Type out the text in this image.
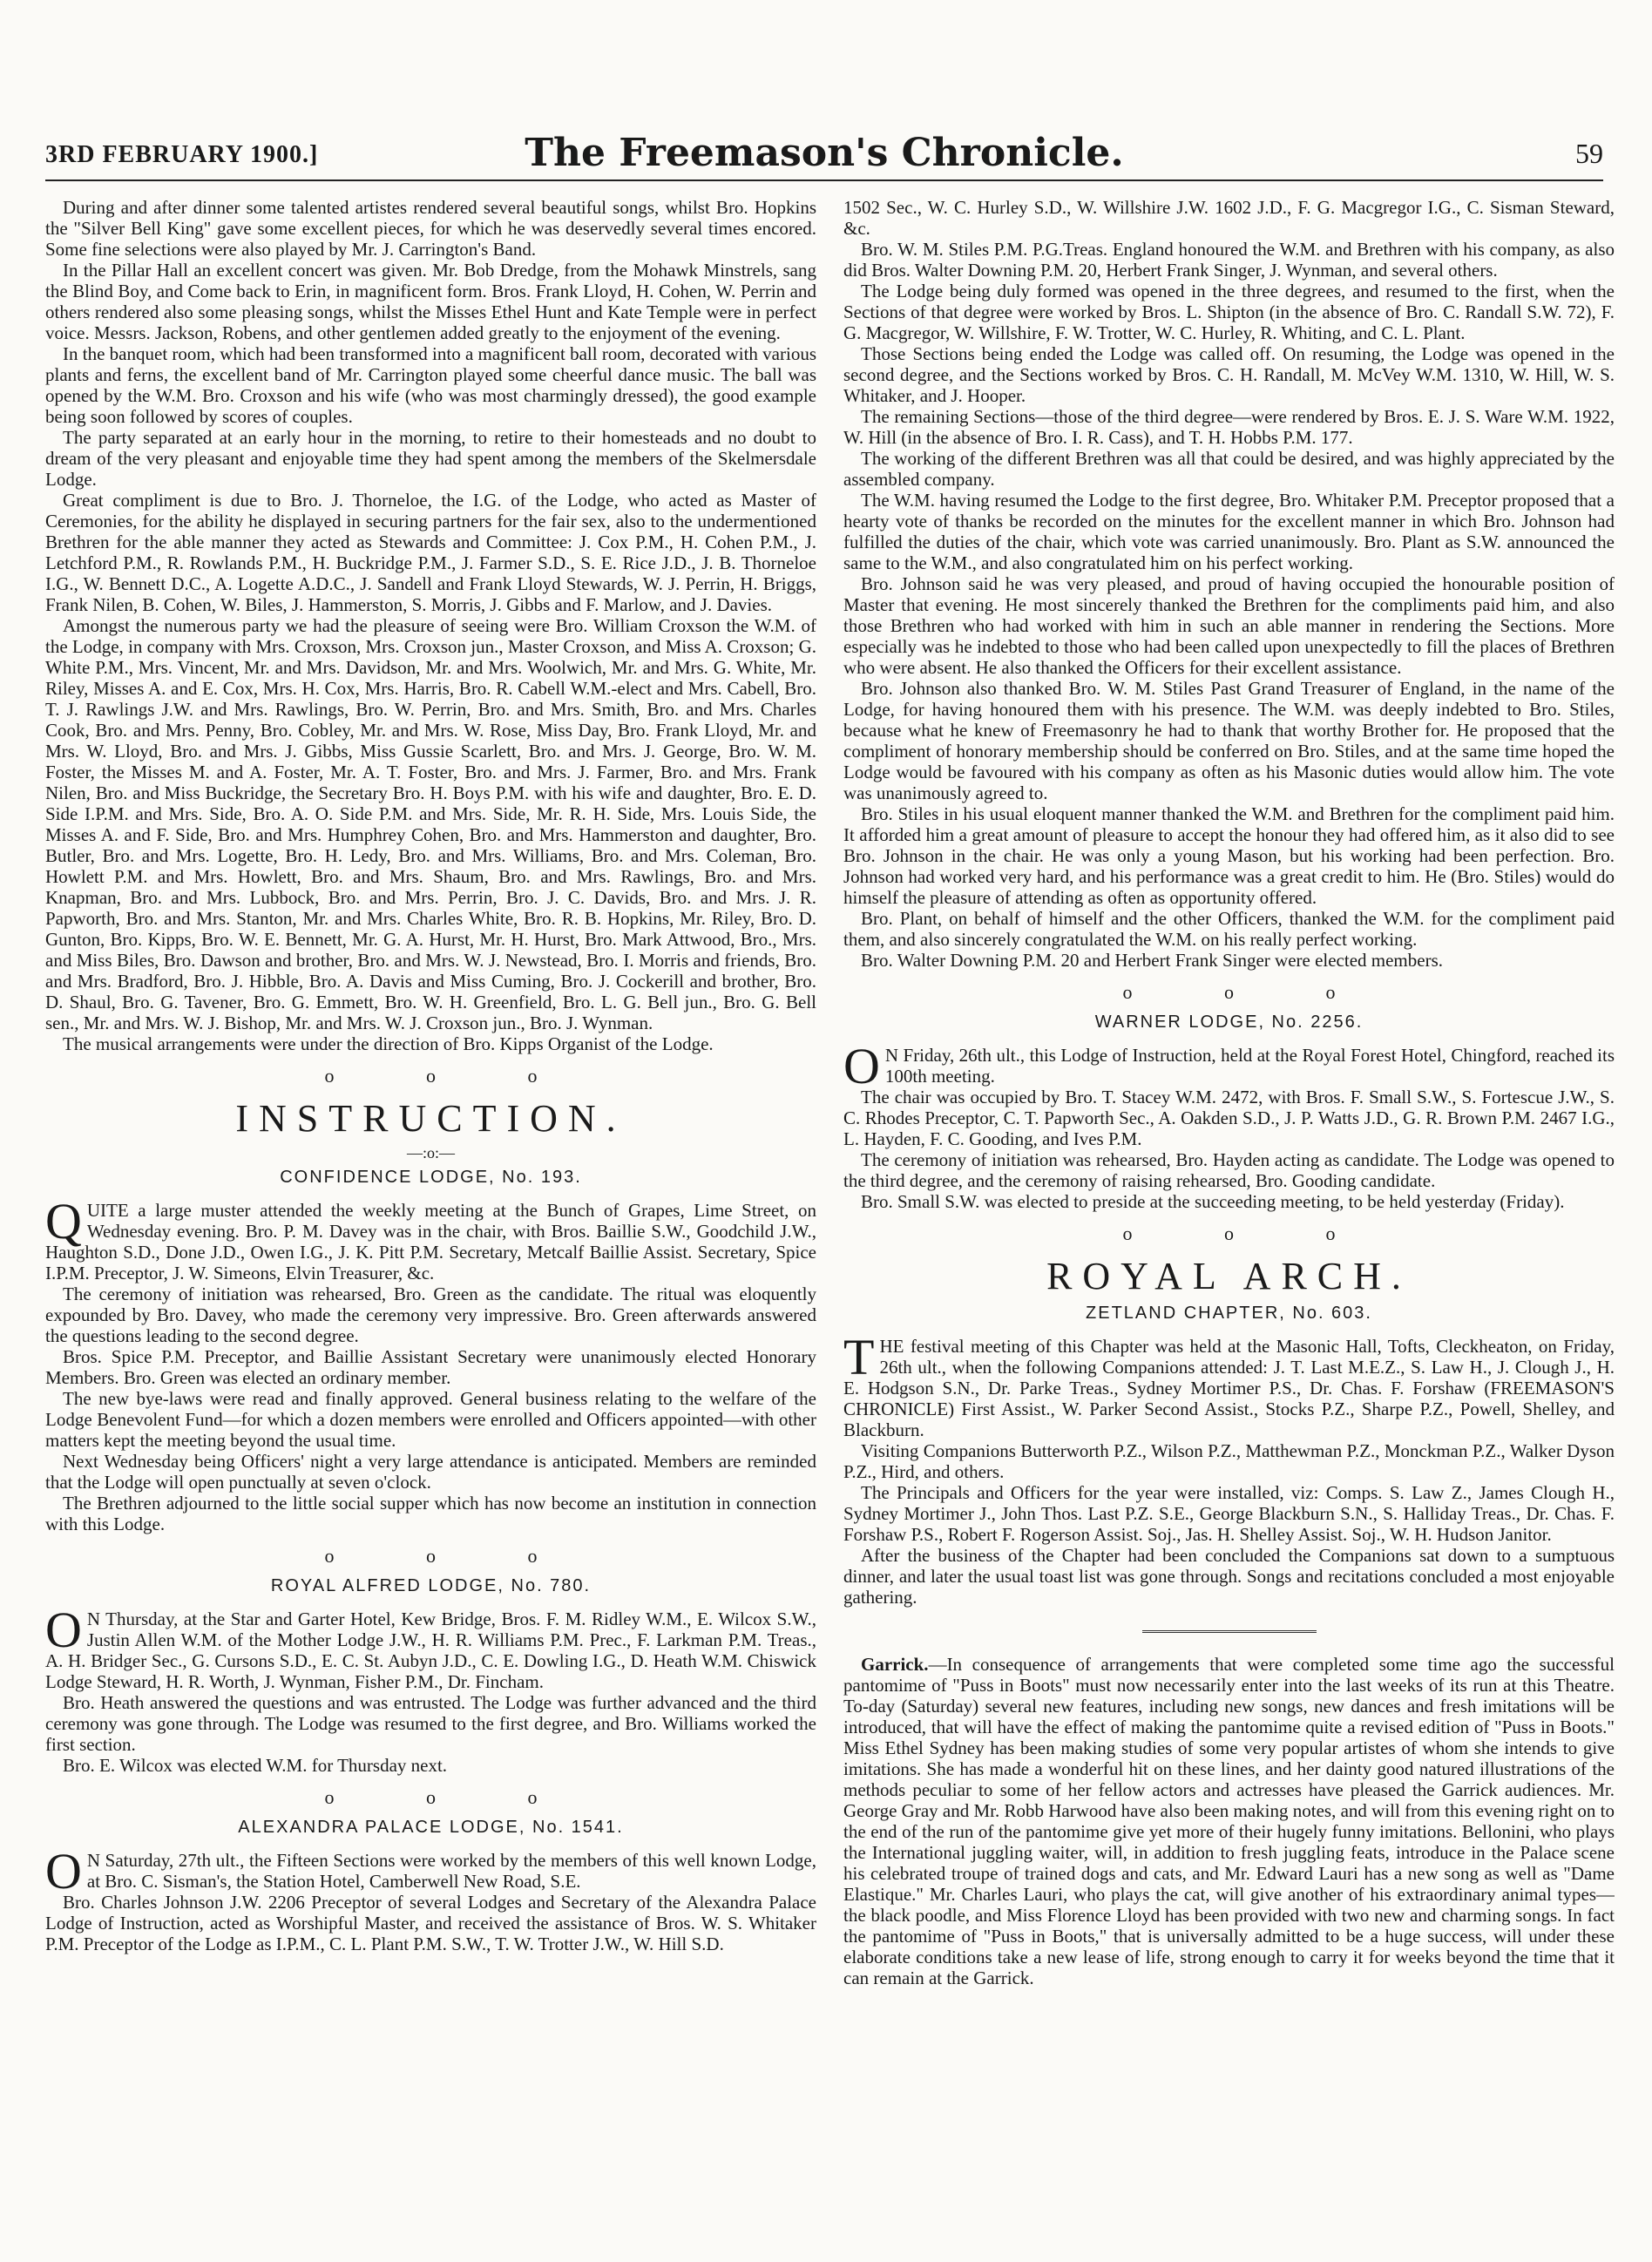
3RD FEBRUARY 1900.]	The Freemason's Chronicle.	59

During and after dinner some talented artistes rendered several beautiful songs, whilst Bro. Hopkins the "Silver Bell King" gave some excellent pieces, for which he was deservedly several times encored. Some fine selections were also played by Mr. J. Carrington's Band.

In the Pillar Hall an excellent concert was given. Mr. Bob Dredge, from the Mohawk Minstrels, sang the Blind Boy, and Come back to Erin, in magnificent form. Bros. Frank Lloyd, H. Cohen, W. Perrin and others rendered also some pleasing songs, whilst the Misses Ethel Hunt and Kate Temple were in perfect voice. Messrs. Jackson, Robens, and other gentlemen added greatly to the enjoyment of the evening.

In the banquet room, which had been transformed into a magnificent ball room, decorated with various plants and ferns, the excellent band of Mr. Carrington played some cheerful dance music. The ball was opened by the W.M. Bro. Croxson and his wife (who was most charmingly dressed), the good example being soon followed by scores of couples.

The party separated at an early hour in the morning, to retire to their homesteads and no doubt to dream of the very pleasant and enjoyable time they had spent among the members of the Skelmersdale Lodge.

Great compliment is due to Bro. J. Thorneloe, the I.G. of the Lodge, who acted as Master of Ceremonies, for the ability he displayed in securing partners for the fair sex, also to the undermentioned Brethren for the able manner they acted as Stewards and Committee: J. Cox P.M., H. Cohen P.M., J. Letchford P.M., R. Rowlands P.M., H. Buckridge P.M., J. Farmer S.D., S. E. Rice J.D., J. B. Thorneloe I.G., W. Bennett D.C., A. Logette A.D.C., J. Sandell and Frank Lloyd Stewards, W. J. Perrin, H. Briggs, Frank Nilen, B. Cohen, W. Biles, J. Hammerston, S. Morris, J. Gibbs and F. Marlow, and J. Davies.

Amongst the numerous party we had the pleasure of seeing were Bro. William Croxson the W.M. of the Lodge, in company with Mrs. Croxson, Mrs. Croxson jun., Master Croxson, and Miss A. Croxson; G. White P.M., Mrs. Vincent, Mr. and Mrs. Davidson, Mr. and Mrs. Woolwich, Mr. and Mrs. G. White, Mr. Riley, Misses A. and E. Cox, Mrs. H. Cox, Mrs. Harris, Bro. R. Cabell W.M.-elect and Mrs. Cabell, Bro. T. J. Rawlings J.W. and Mrs. Rawlings, Bro. W. Perrin, Bro. and Mrs. Smith, Bro. and Mrs. Charles Cook, Bro. and Mrs. Penny, Bro. Cobley, Mr. and Mrs. W. Rose, Miss Day, Bro. Frank Lloyd, Mr. and Mrs. W. Lloyd, Bro. and Mrs. J. Gibbs, Miss Gussie Scarlett, Bro. and Mrs. J. George, Bro. W. M. Foster, the Misses M. and A. Foster, Mr. A. T. Foster, Bro. and Mrs. J. Farmer, Bro. and Mrs. Frank Nilen, Bro. and Miss Buckridge, the Secretary Bro. H. Boys P.M. with his wife and daughter, Bro. E. D. Side I.P.M. and Mrs. Side, Bro. A. O. Side P.M. and Mrs. Side, Mr. R. H. Side, Mrs. Louis Side, the Misses A. and F. Side, Bro. and Mrs. Humphrey Cohen, Bro. and Mrs. Hammerston and daughter, Bro. Butler, Bro. and Mrs. Logette, Bro. H. Ledy, Bro. and Mrs. Williams, Bro. and Mrs. Coleman, Bro. Howlett P.M. and Mrs. Howlett, Bro. and Mrs. Shaum, Bro. and Mrs. Rawlings, Bro. and Mrs. Knapman, Bro. and Mrs. Lubbock, Bro. and Mrs. Perrin, Bro. J. C. Davids, Bro. and Mrs. J. R. Papworth, Bro. and Mrs. Stanton, Mr. and Mrs. Charles White, Bro. R. B. Hopkins, Mr. Riley, Bro. D. Gunton, Bro. Kipps, Bro. W. E. Bennett, Mr. G. A. Hurst, Mr. H. Hurst, Bro. Mark Attwood, Bro., Mrs. and Miss Biles, Bro. Dawson and brother, Bro. and Mrs. W. J. Newstead, Bro. I. Morris and friends, Bro. and Mrs. Bradford, Bro. J. Hibble, Bro. A. Davis and Miss Cuming, Bro. J. Cockerill and brother, Bro. D. Shaul, Bro. G. Tavener, Bro. G. Emmett, Bro. W. H. Greenfield, Bro. L. G. Bell jun., Bro. G. Bell sen., Mr. and Mrs. W. J. Bishop, Mr. and Mrs. W. J. Croxson jun., Bro. J. Wynman.

The musical arrangements were under the direction of Bro. Kipps Organist of the Lodge.

o o o
INSTRUCTION.
—:o:—
CONFIDENCE LODGE, No. 193.

QUITE a large muster attended the weekly meeting at the Bunch of Grapes, Lime Street, on Wednesday evening. Bro. P. M. Davey was in the chair, with Bros. Baillie S.W., Goodchild J.W., Haughton S.D., Done J.D., Owen I.G., J. K. Pitt P.M. Secretary, Metcalf Baillie Assist. Secretary, Spice I.P.M. Preceptor, J. W. Simeons, Elvin Treasurer, &c.

The ceremony of initiation was rehearsed, Bro. Green as the candidate. The ritual was eloquently expounded by Bro. Davey, who made the ceremony very impressive. Bro. Green afterwards answered the questions leading to the second degree.

Bros. Spice P.M. Preceptor, and Baillie Assistant Secretary were unanimously elected Honorary Members. Bro. Green was elected an ordinary member.

The new bye-laws were read and finally approved. General business relating to the welfare of the Lodge Benevolent Fund—for which a dozen members were enrolled and Officers appointed—with other matters kept the meeting beyond the usual time.

Next Wednesday being Officers' night a very large attendance is anticipated. Members are reminded that the Lodge will open punctually at seven o'clock.

The Brethren adjourned to the little social supper which has now become an institution in connection with this Lodge.

o o o
ROYAL ALFRED LODGE, No. 780.

O N Thursday, at the Star and Garter Hotel, Kew Bridge, Bros. F. M. Ridley W.M., E. Wilcox S.W., Justin Allen W.M. of the Mother Lodge J.W., H. R. Williams P.M. Prec., F. Larkman P.M. Treas., A. H. Bridger Sec., G. Cursons S.D., E. C. St. Aubyn J.D., C. E. Dowling I.G., D. Heath W.M. Chiswick Lodge Steward, H. R. Worth, J. Wynman, Fisher P.M., Dr. Fincham.

Bro. Heath answered the questions and was entrusted. The Lodge was further advanced and the third ceremony was gone through. The Lodge was resumed to the first degree, and Bro. Williams worked the first section.

Bro. E. Wilcox was elected W.M. for Thursday next.

o o o
ALEXANDRA PALACE LODGE, No. 1541.

O N Saturday, 27th ult., the Fifteen Sections were worked by the members of this well known Lodge, at Bro. C. Sisman's, the Station Hotel, Camberwell New Road, S.E.

Bro. Charles Johnson J.W. 2206 Preceptor of several Lodges and Secretary of the Alexandra Palace Lodge of Instruction, acted as Worshipful Master, and received the assistance of Bros. W. S. Whitaker P.M. Preceptor of the Lodge as I.P.M., C. L. Plant P.M. S.W., T. W. Trotter J.W., W. Hill S.D.

1502 Sec., W. C. Hurley S.D., W. Willshire J.W. 1602 J.D., F. G. Macgregor I.G., C. Sisman Steward, &c.

Bro. W. M. Stiles P.M. P.G.Treas. England honoured the W.M. and Brethren with his company, as also did Bros. Walter Downing P.M. 20, Herbert Frank Singer, J. Wynman, and several others.

The Lodge being duly formed was opened in the three degrees, and resumed to the first, when the Sections of that degree were worked by Bros. L. Shipton (in the absence of Bro. C. Randall S.W. 72), F. G. Macgregor, W. Willshire, F. W. Trotter, W. C. Hurley, R. Whiting, and C. L. Plant.

Those Sections being ended the Lodge was called off. On resuming, the Lodge was opened in the second degree, and the Sections worked by Bros. C. H. Randall, M. McVey W.M. 1310, W. Hill, W. S. Whitaker, and J. Hooper.

The remaining Sections—those of the third degree—were rendered by Bros. E. J. S. Ware W.M. 1922, W. Hill (in the absence of Bro. I. R. Cass), and T. H. Hobbs P.M. 177.

The working of the different Brethren was all that could be desired, and was highly appreciated by the assembled company.

The W.M. having resumed the Lodge to the first degree, Bro. Whitaker P.M. Preceptor proposed that a hearty vote of thanks be recorded on the minutes for the excellent manner in which Bro. Johnson had fulfilled the duties of the chair, which vote was carried unanimously. Bro. Plant as S.W. announced the same to the W.M., and also congratulated him on his perfect working.

Bro. Johnson said he was very pleased, and proud of having occupied the honourable position of Master that evening. He most sincerely thanked the Brethren for the compliments paid him, and also those Brethren who had worked with him in such an able manner in rendering the Sections. More especially was he indebted to those who had been called upon unexpectedly to fill the places of Brethren who were absent. He also thanked the Officers for their excellent assistance.

Bro. Johnson also thanked Bro. W. M. Stiles Past Grand Treasurer of England, in the name of the Lodge, for having honoured them with his presence. The W.M. was deeply indebted to Bro. Stiles, because what he knew of Freemasonry he had to thank that worthy Brother for. He proposed that the compliment of honorary membership should be conferred on Bro. Stiles, and at the same time hoped the Lodge would be favoured with his company as often as his Masonic duties would allow him. The vote was unanimously agreed to.

Bro. Stiles in his usual eloquent manner thanked the W.M. and Brethren for the compliment paid him. It afforded him a great amount of pleasure to accept the honour they had offered him, as it also did to see Bro. Johnson in the chair. He was only a young Mason, but his working had been perfection. Bro. Johnson had worked very hard, and his performance was a great credit to him. He (Bro. Stiles) would do himself the pleasure of attending as often as opportunity offered.

Bro. Plant, on behalf of himself and the other Officers, thanked the W.M. for the compliment paid them, and also sincerely congratulated the W.M. on his really perfect working.

Bro. Walter Downing P.M. 20 and Herbert Frank Singer were elected members.

o o o
WARNER LODGE, No. 2256.

O N Friday, 26th ult., this Lodge of Instruction, held at the Royal Forest Hotel, Chingford, reached its 100th meeting.

The chair was occupied by Bro. T. Stacey W.M. 2472, with Bros. F. Small S.W., S. Fortescue J.W., S. C. Rhodes Preceptor, C. T. Papworth Sec., A. Oakden S.D., J. P. Watts J.D., G. R. Brown P.M. 2467 I.G., L. Hayden, F. C. Gooding, and Ives P.M.

The ceremony of initiation was rehearsed, Bro. Hayden acting as candidate. The Lodge was opened to the third degree, and the ceremony of raising rehearsed, Bro. Gooding candidate.

Bro. Small S.W. was elected to preside at the succeeding meeting, to be held yesterday (Friday).

o o o
ROYAL ARCH.
ZETLAND CHAPTER, No. 603.

THE festival meeting of this Chapter was held at the Masonic Hall, Tofts, Cleckheaton, on Friday, 26th ult., when the following Companions attended: J. T. Last M.E.Z., S. Law H., J. Clough J., H. E. Hodgson S.N., Dr. Parke Treas., Sydney Mortimer P.S., Dr. Chas. F. Forshaw (FREEMASON'S CHRONICLE) First Assist., W. Parker Second Assist., Stocks P.Z., Sharpe P.Z., Powell, Shelley, and Blackburn.

Visiting Companions Butterworth P.Z., Wilson P.Z., Matthewman P.Z., Monckman P.Z., Walker Dyson P.Z., Hird, and others.

The Principals and Officers for the year were installed, viz: Comps. S. Law Z., James Clough H., Sydney Mortimer J., John Thos. Last P.Z. S.E., George Blackburn S.N., S. Halliday Treas., Dr. Chas. F. Forshaw P.S., Robert F. Rogerson Assist. Soj., Jas. H. Shelley Assist. Soj., W. H. Hudson Janitor.

After the business of the Chapter had been concluded the Companions sat down to a sumptuous dinner, and later the usual toast list was gone through. Songs and recitations concluded a most enjoyable gathering.

Garrick.—In consequence of arrangements that were completed some time ago the successful pantomime of "Puss in Boots" must now necessarily enter into the last weeks of its run at this Theatre. To-day (Saturday) several new features, including new songs, new dances and fresh imitations will be introduced, that will have the effect of making the pantomime quite a revised edition of "Puss in Boots." Miss Ethel Sydney has been making studies of some very popular artistes of whom she intends to give imitations. She has made a wonderful hit on these lines, and her dainty good natured illustrations of the methods peculiar to some of her fellow actors and actresses have pleased the Garrick audiences. Mr. George Gray and Mr. Robb Harwood have also been making notes, and will from this evening right on to the end of the run of the pantomime give yet more of their hugely funny imitations. Bellonini, who plays the International juggling waiter, will, in addition to fresh juggling feats, introduce in the Palace scene his celebrated troupe of trained dogs and cats, and Mr. Edward Lauri has a new song as well as "Dame Elastique." Mr. Charles Lauri, who plays the cat, will give another of his extraordinary animal types—the black poodle, and Miss Florence Lloyd has been provided with two new and charming songs. In fact the pantomime of "Puss in Boots," that is universally admitted to be a huge success, will under these elaborate conditions take a new lease of life, strong enough to carry it for weeks beyond the time that it can remain at the Garrick.
